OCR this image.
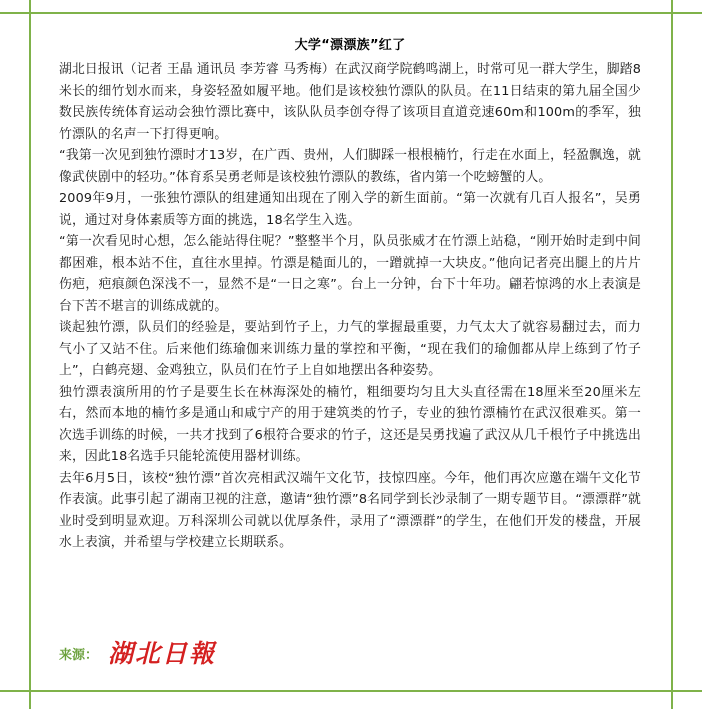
大学“漂漂族”红了

湖北日报讯（记者 王晶 通讯员 李芳睿 马秀梅）在武汉商学院鹤鸣湖上，时常可见一群大学生，脚踏8米长的细竹划水而来，身姿轻盈如履平地。他们是该校独竹漂队的队员。在11日结束的第九届全国少数民族传统体育运动会独竹漂比赛中，该队队员李创夺得了该项目直道竞速60m和100m的季军，独竹漂队的名声一下打得更响。

“我第一次见到独竹漂时才13岁，在广西、贵州，人们脚踩一根根楠竹，行走在水面上，轻盈飘逸，就像武侠剧中的轻功。”体育系吴勇老师是该校独竹漂队的教练，省内第一个吃螃蟹的人。

2009年9月，一张独竹漂队的组建通知出现在了刚入学的新生面前。“第一次就有几百人报名”，吴勇说，通过对身体素质等方面的挑选，18名学生入选。

“第一次看见时心想，怎么能站得住呢？”整整半个月，队员张威才在竹漂上站稳，“刚开始时走到中间都困难，根本站不住，直往水里掉。竹漂是糙面儿的，一蹭就掉一大块皮。”他向记者亮出腿上的片片伤疤，疤痕颜色深浅不一，显然不是“一日之寒”。台上一分钟，台下十年功。翩若惊鸿的水上表演是台下苦不堪言的训练成就的。

谈起独竹漂，队员们的经验是，要站到竹子上，力气的掌握最重要，力气太大了就容易翻过去，而力气小了又站不住。后来他们练瑜伽来训练力量的掌控和平衡，“现在我们的瑜伽都从岸上练到了竹子上”，白鹤亮翅、金鸡独立，队员们在竹子上自如地摆出各种姿势。

独竹漂表演所用的竹子是要生长在林海深处的楠竹，粗细要均匀且大头直径需在18厘米至20厘米左右，然而本地的楠竹多是通山和咸宁产的用于建筑类的竹子，专业的独竹漂楠竹在武汉很难买。第一次选手训练的时候，一共才找到了6根符合要求的竹子，这还是吴勇找遍了武汉从几千根竹子中挑选出来，因此18名选手只能轮流使用器材训练。

去年6月5日，该校“独竹漂”首次亮相武汉端午文化节，技惊四座。今年，他们再次应邀在端午文化节作表演。此事引起了湖南卫视的注意，邀请“独竹漂”8名同学到长沙录制了一期专题节目。“漂漂群”就业时受到明显欢迎。万科深圳公司就以优厚条件，录用了“漂漂群”的学生，在他们开发的楼盘，开展水上表演，并希望与学校建立长期联系。

来源： 湖北日報
